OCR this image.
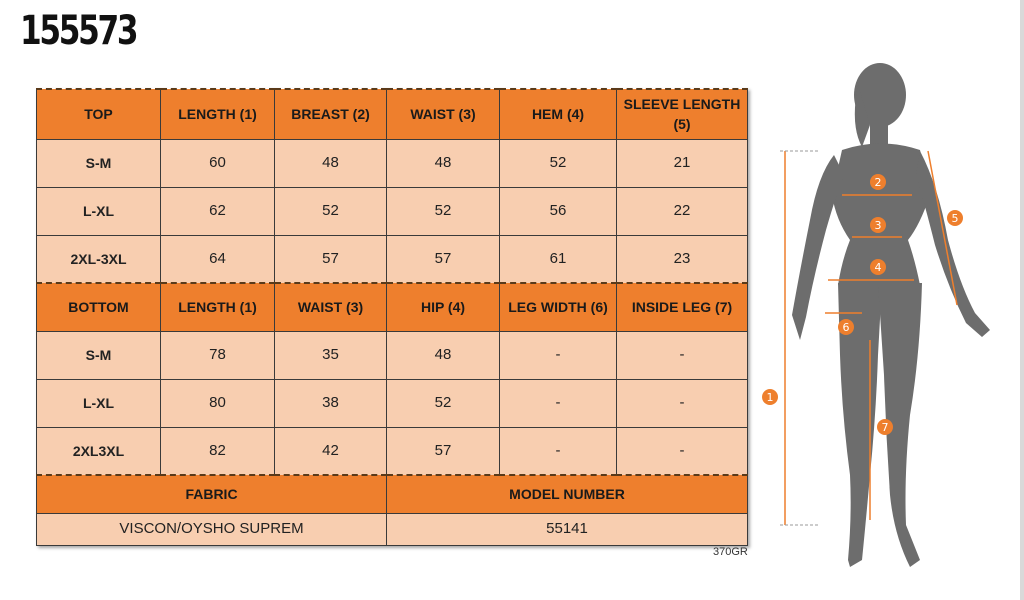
155573
TOP	LENGTH (1)	BREAST (2)	WAIST (3)	HEM (4)	SLEEVE LENGTH (5)
S-M	60	48	48	52	21
L-XL	62	52	52	56	22
2XL-3XL	64	57	57	61	23
BOTTOM	LENGTH (1)	WAIST (3)	HIP (4)	LEG WIDTH (6)	INSIDE LEG (7)
S-M	78	35	48	-	-
L-XL	80	38	52	-	-
2XL3XL	82	42	57	-	-
FABRIC			MODEL NUMBER		
VISCON/OYSHO SUPREM			55141		
370GR
1
2
3
4
5
6
7
